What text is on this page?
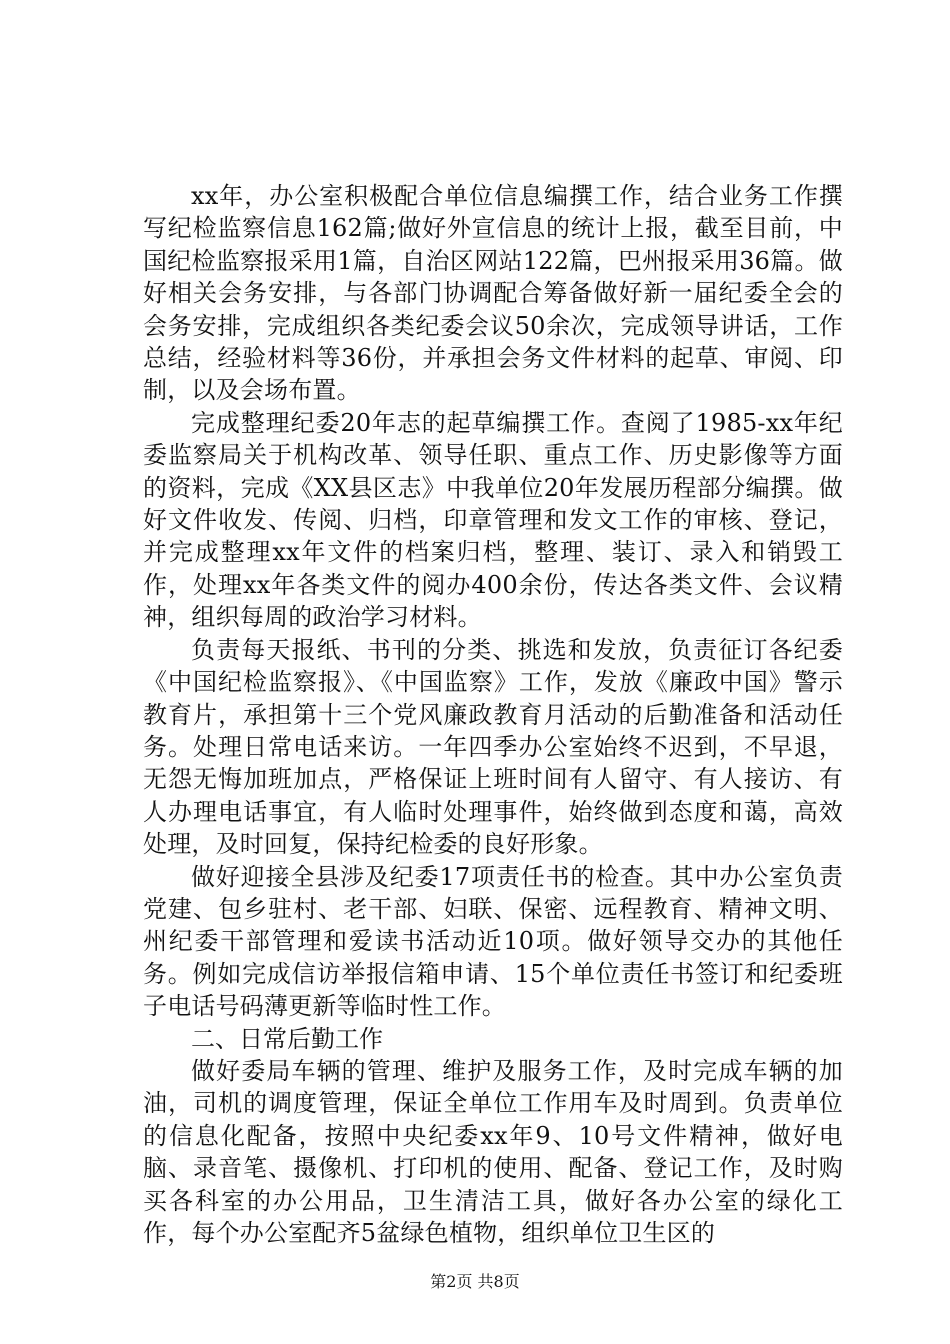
xx年，办公室积极配合单位信息编撰工作，结合业务工作撰写纪检监察信息162篇;做好外宣信息的统计上报，截至目前，中国纪检监察报采用1篇，自治区网站122篇，巴州报采用36篇。做好相关会务安排，与各部门协调配合筹备做好新一届纪委全会的会务安排，完成组织各类纪委会议50余次，完成领导讲话，工作总结，经验材料等36份，并承担会务文件材料的起草、审阅、印制，以及会场布置。

完成整理纪委20年志的起草编撰工作。查阅了1985-xx年纪委监察局关于机构改革、领导任职、重点工作、历史影像等方面的资料，完成《XX县区志》中我单位20年发展历程部分编撰。做好文件收发、传阅、归档，印章管理和发文工作的审核、登记，并完成整理xx年文件的档案归档，整理、装订、录入和销毁工作，处理xx年各类文件的阅办400余份，传达各类文件、会议精神，组织每周的政治学习材料。

负责每天报纸、书刊的分类、挑选和发放，负责征订各纪委《中国纪检监察报》、《中国监察》工作，发放《廉政中国》警示教育片，承担第十三个党风廉政教育月活动的后勤准备和活动任务。处理日常电话来访。一年四季办公室始终不迟到，不早退，无怨无悔加班加点，严格保证上班时间有人留守、有人接访、有人办理电话事宜，有人临时处理事件，始终做到态度和蔼，高效处理，及时回复，保持纪检委的良好形象。

做好迎接全县涉及纪委17项责任书的检查。其中办公室负责党建、包乡驻村、老干部、妇联、保密、远程教育、精神文明、州纪委干部管理和爱读书活动近10项。做好领导交办的其他任务。例如完成信访举报信箱申请、15个单位责任书签订和纪委班子电话号码薄更新等临时性工作。

二、日常后勤工作

做好委局车辆的管理、维护及服务工作，及时完成车辆的加油，司机的调度管理，保证全单位工作用车及时周到。负责单位的信息化配备，按照中央纪委xx年9、10号文件精神，做好电脑、录音笔、摄像机、打印机的使用、配备、登记工作，及时购买各科室的办公用品，卫生清洁工具，做好各办公室的绿化工作，每个办公室配齐5盆绿色植物，组织单位卫生区的

第2页 共8页
